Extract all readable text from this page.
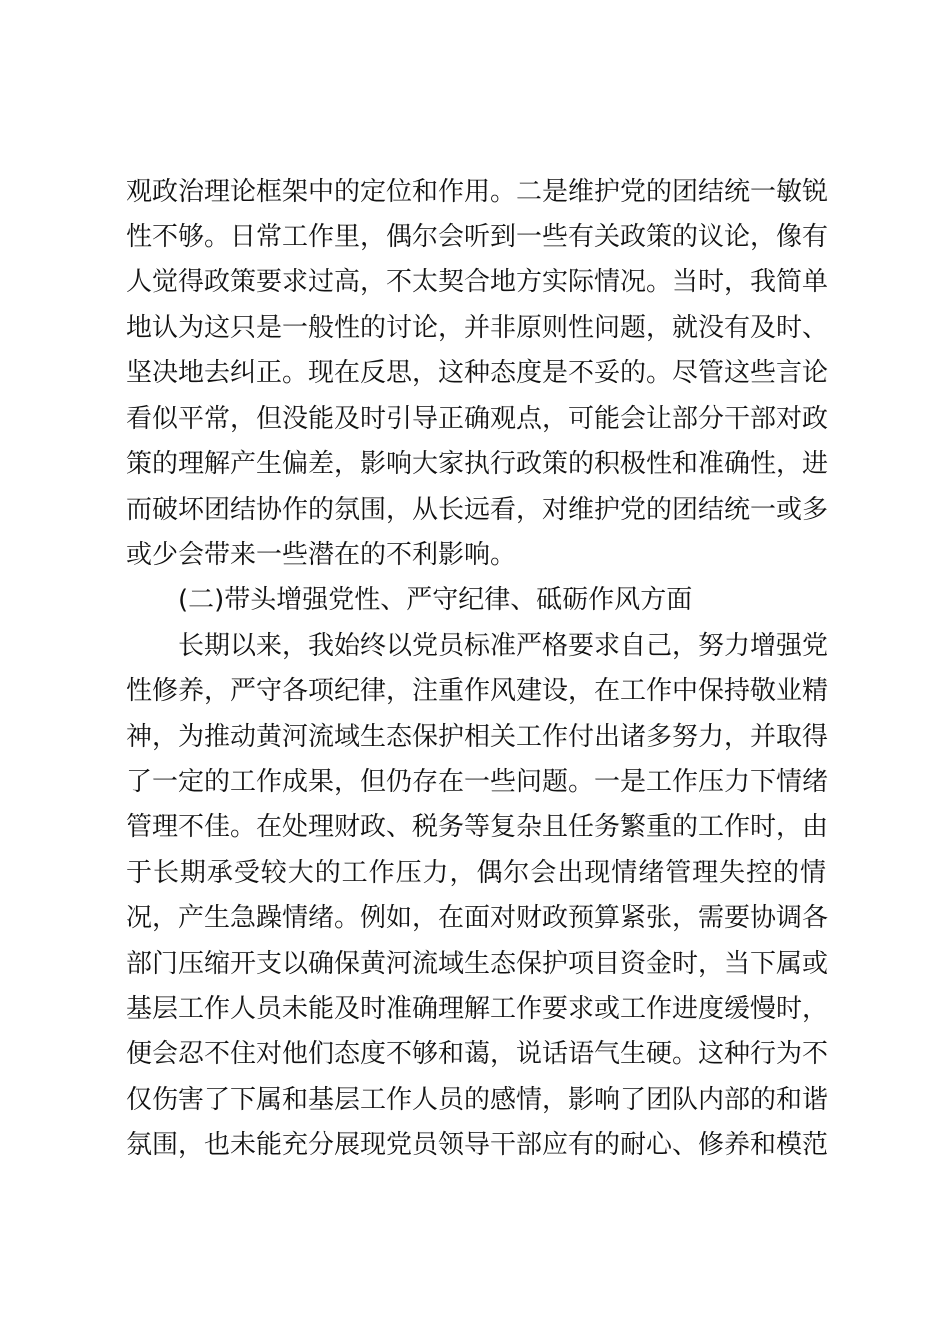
观政治理论框架中的定位和作用。二是维护党的团结统一敏锐
性不够。日常工作里，偶尔会听到一些有关政策的议论，像有
人觉得政策要求过高，不太契合地方实际情况。当时，我简单
地认为这只是一般性的讨论，并非原则性问题，就没有及时、
坚决地去纠正。现在反思，这种态度是不妥的。尽管这些言论
看似平常，但没能及时引导正确观点，可能会让部分干部对政
策的理解产生偏差，影响大家执行政策的积极性和准确性，进
而破坏团结协作的氛围，从长远看，对维护党的团结统一或多
或少会带来一些潜在的不利影响。
(二)带头增强党性、严守纪律、砥砺作风方面
长期以来，我始终以党员标准严格要求自己，努力增强党
性修养，严守各项纪律，注重作风建设，在工作中保持敬业精
神，为推动黄河流域生态保护相关工作付出诸多努力，并取得
了一定的工作成果，但仍存在一些问题。一是工作压力下情绪
管理不佳。在处理财政、税务等复杂且任务繁重的工作时，由
于长期承受较大的工作压力，偶尔会出现情绪管理失控的情
况，产生急躁情绪。例如，在面对财政预算紧张，需要协调各
部门压缩开支以确保黄河流域生态保护项目资金时，当下属或
基层工作人员未能及时准确理解工作要求或工作进度缓慢时，
便会忍不住对他们态度不够和蔼，说话语气生硬。这种行为不
仅伤害了下属和基层工作人员的感情，影响了团队内部的和谐
氛围，也未能充分展现党员领导干部应有的耐心、修养和模范
